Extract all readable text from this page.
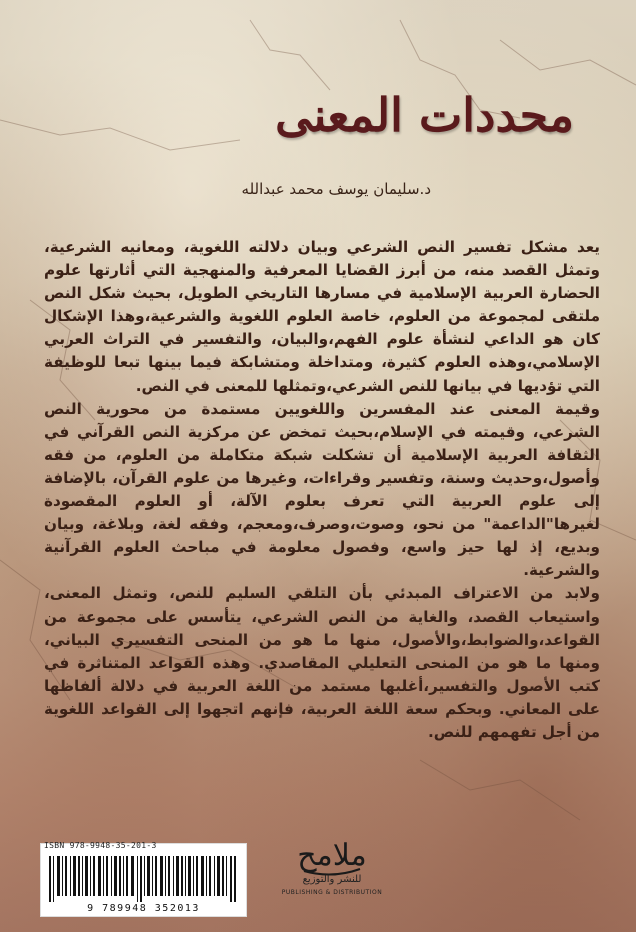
محددات المعنى
د.سليمان يوسف محمد عبدالله

يعد مشكل تفسير النص الشرعي وبيان دلالته اللغوية، ومعانيه الشرعية، وتمثل القصد منه، من أبرز القضايا المعرفية والمنهجية التي أثارتها علوم الحضارة العربية الإسلامية في مسارها التاريخي الطويل، بحيث شكل النص ملتقى لمجموعة من العلوم، خاصة العلوم اللغوية والشرعية،وهذا الإشكال كان هو الداعي لنشأة علوم الفهم،والبيان، والتفسير في التراث العربي الإسلامي،وهذه العلوم كثيرة، ومتداخلة ومتشابكة فيما بينها تبعا للوظيفة التي تؤديها في بيانها للنص الشرعي،وتمثلها للمعنى في النص.

وقيمة المعنى عند المفسرين واللغويين مستمدة من محورية النص الشرعي، وقيمته في الإسلام،بحيث تمخض عن مركزية النص القرآني في الثقافة العربية الإسلامية أن تشكلت شبكة متكاملة من العلوم، من فقه وأصول،وحديث وسنة، وتفسير وقراءات، وغيرها من علوم القرآن، بالإضافة إلى علوم العربية التي تعرف بعلوم الآلة، أو العلوم المقصودة لغيرها"الداعمة" من نحو، وصوت،وصرف،ومعجم، وفقه لغة، وبلاغة، وبيان وبديع، إذ لها حيز واسع، وفصول معلومة في مباحث العلوم القرآنية والشرعية.

ولابد من الاعتراف المبدئي بأن التلقي السليم للنص، وتمثل المعنى، واستيعاب القصد، والغاية من النص الشرعي، يتأسس على مجموعة من القواعد،والضوابط،والأصول، منها ما هو من المنحى التفسيري البياني، ومنها ما هو من المنحى التعليلي المقاصدي. وهذه القواعد المتناثرة في كتب الأصول والتفسير،أغلبها مستمد من اللغة العربية في دلالة ألفاظها على المعاني. وبحكم سعة اللغة العربية، فإنهم اتجهوا إلى القواعد اللغوية من أجل تفهمهم للنص.

9 789948 352013
ISBN 978-9948-35-201-3	ملامح
للنشر والتوزيع
PUBLISHING & DISTRIBUTION
